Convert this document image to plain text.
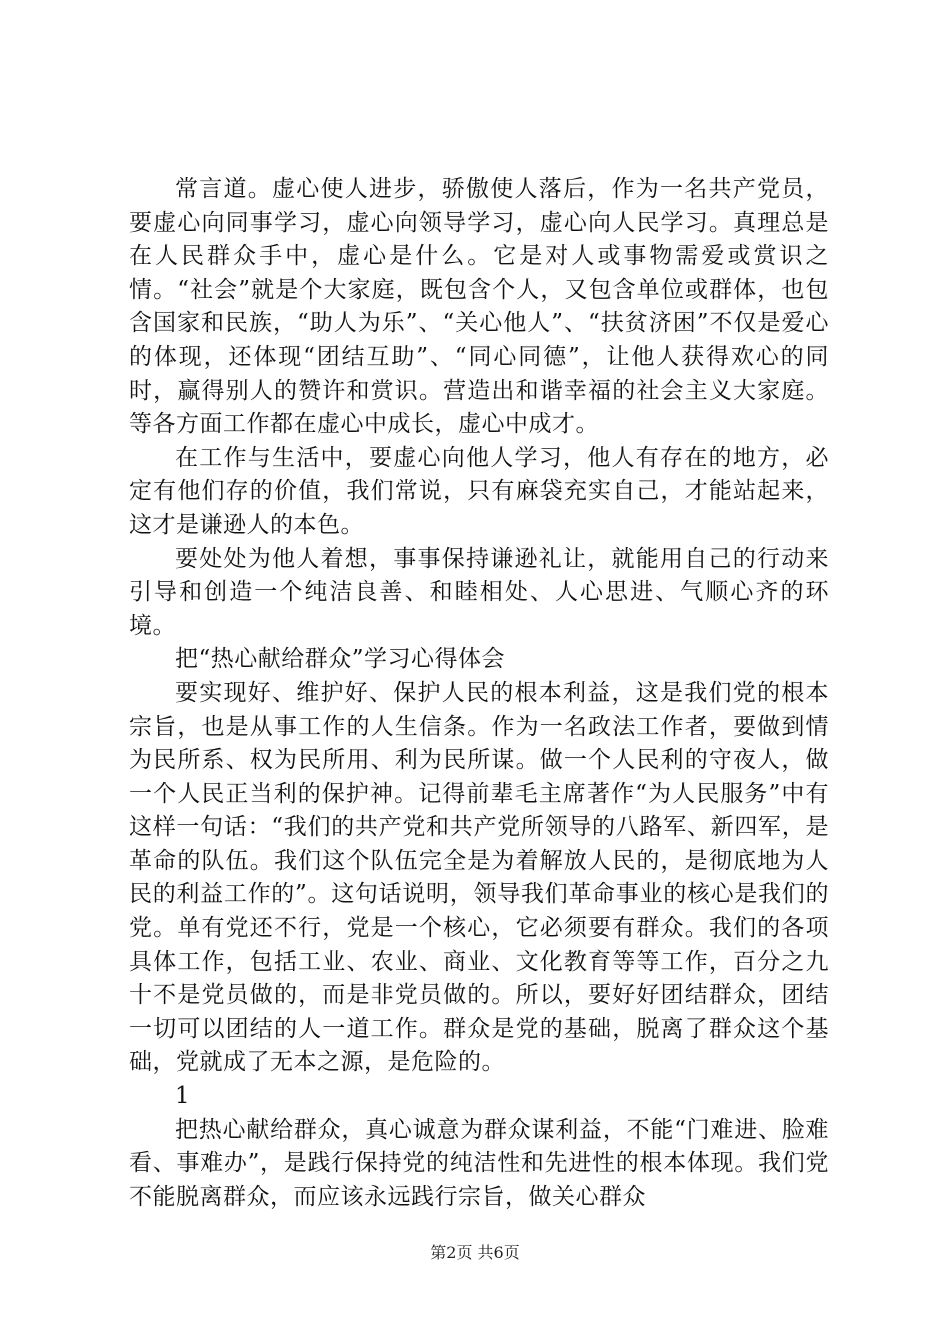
常言道。虚心使人进步，骄傲使人落后，作为一名共产党员，要虚心向同事学习，虚心向领导学习，虚心向人民学习。真理总是在人民群众手中，虚心是什么。它是对人或事物需爱或赏识之情。“社会”就是个大家庭，既包含个人，又包含单位或群体，也包含国家和民族，“助人为乐”、“关心他人”、“扶贫济困”不仅是爱心的体现，还体现“团结互助”、“同心同德”，让他人获得欢心的同时，赢得别人的赞许和赏识。营造出和谐幸福的社会主义大家庭。等各方面工作都在虚心中成长，虚心中成才。

在工作与生活中，要虚心向他人学习，他人有存在的地方，必定有他们存的价值，我们常说，只有麻袋充实自己，才能站起来，这才是谦逊人的本色。

要处处为他人着想，事事保持谦逊礼让，就能用自己的行动来引导和创造一个纯洁良善、和睦相处、人心思进、气顺心齐的环境。

把“热心献给群众”学习心得体会

要实现好、维护好、保护人民的根本利益，这是我们党的根本宗旨，也是从事工作的人生信条。作为一名政法工作者，要做到情为民所系、权为民所用、利为民所谋。做一个人民利的守夜人，做一个人民正当利的保护神。记得前辈毛主席著作“为人民服务”中有这样一句话：“我们的共产党和共产党所领导的八路军、新四军，是革命的队伍。我们这个队伍完全是为着解放人民的，是彻底地为人民的利益工作的”。这句话说明，领导我们革命事业的核心是我们的党。单有党还不行，党是一个核心，它必须要有群众。我们的各项具体工作，包括工业、农业、商业、文化教育等等工作，百分之九十不是党员做的，而是非党员做的。所以，要好好团结群众，团结一切可以团结的人一道工作。群众是党的基础，脱离了群众这个基础，党就成了无本之源，是危险的。

1

把热心献给群众，真心诚意为群众谋利益，不能“门难进、脸难看、事难办”，是践行保持党的纯洁性和先进性的根本体现。我们党不能脱离群众，而应该永远践行宗旨，做关心群众

第2页 共6页
